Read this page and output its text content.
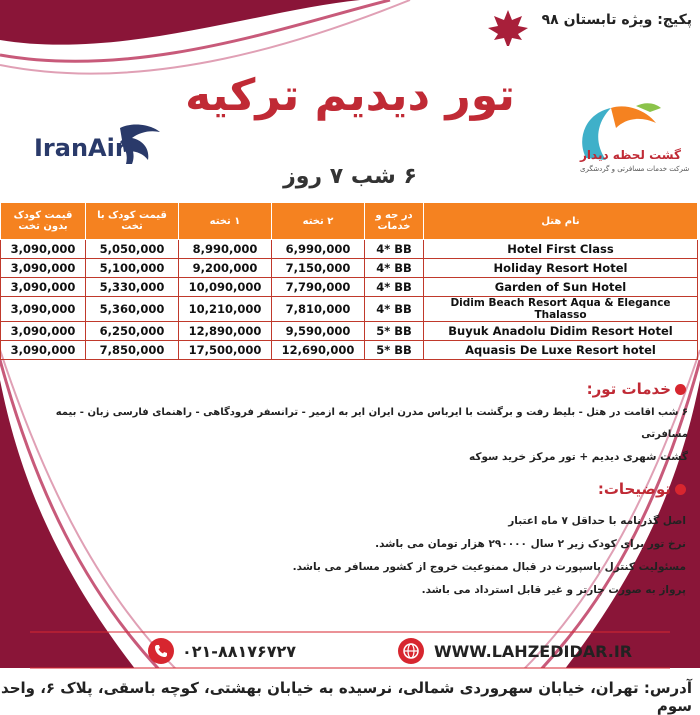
پکیج: ویژه تابستان ۹۸
تور دیدیم ترکیه
۶ شب ۷ روز
IranAir	گشت لحظه دیدار
شرکت خدمات مسافرتی و گردشگری
قیمت کودک بدون تخت	قیمت کودک با تخت	۱ تخته	۲ تخته	در جه و خدمات	نام هتل
3,090,000	5,050,000	8,990,000	6,990,000	4* BB	Hotel First Class
3,090,000	5,100,000	9,200,000	7,150,000	4* BB	Holiday Resort Hotel
3,090,000	5,330,000	10,090,000	7,790,000	4* BB	Garden of Sun Hotel
3,090,000	5,360,000	10,210,000	7,810,000	4* BB	Didim Beach Resort Aqua & Elegance Thalasso
3,090,000	6,250,000	12,890,000	9,590,000	5* BB	Buyuk Anadolu Didim Resort Hotel
3,090,000	7,850,000	17,500,000	12,690,000	5* BB	Aquasis De Luxe Resort hotel
خدمات تور:
۶ شب اقامت در هتل - بلیط رفت و برگشت با ایرباس مدرن ایران ایر به ازمیر - ترانسفر فرودگاهی - راهنمای فارسی زبان - بیمه مسافرتی
گشت شهری دیدیم + تور مرکز خرید سوکه
توضیحات:
اصل گذرنامه با حداقل ۷ ماه اعتبار
نرخ تور برای کودک زیر ۲ سال ۲۹۰۰۰۰ هزار تومان می باشد.
مسئولیت کنترل پاسپورت در قبال ممنوعیت خروج از کشور مسافر می باشد.
پرواز به صورت چارتر و غیر قابل استرداد می باشد.
۰۲۱-۸۸۱۷۶۷۲۷	WWW.LAHZEDIDAR.IR
آدرس: تهران، خیابان سهروردی شمالی، نرسیده به خیابان بهشتی، کوچه باسقی، پلاک ۶، واحد سوم
